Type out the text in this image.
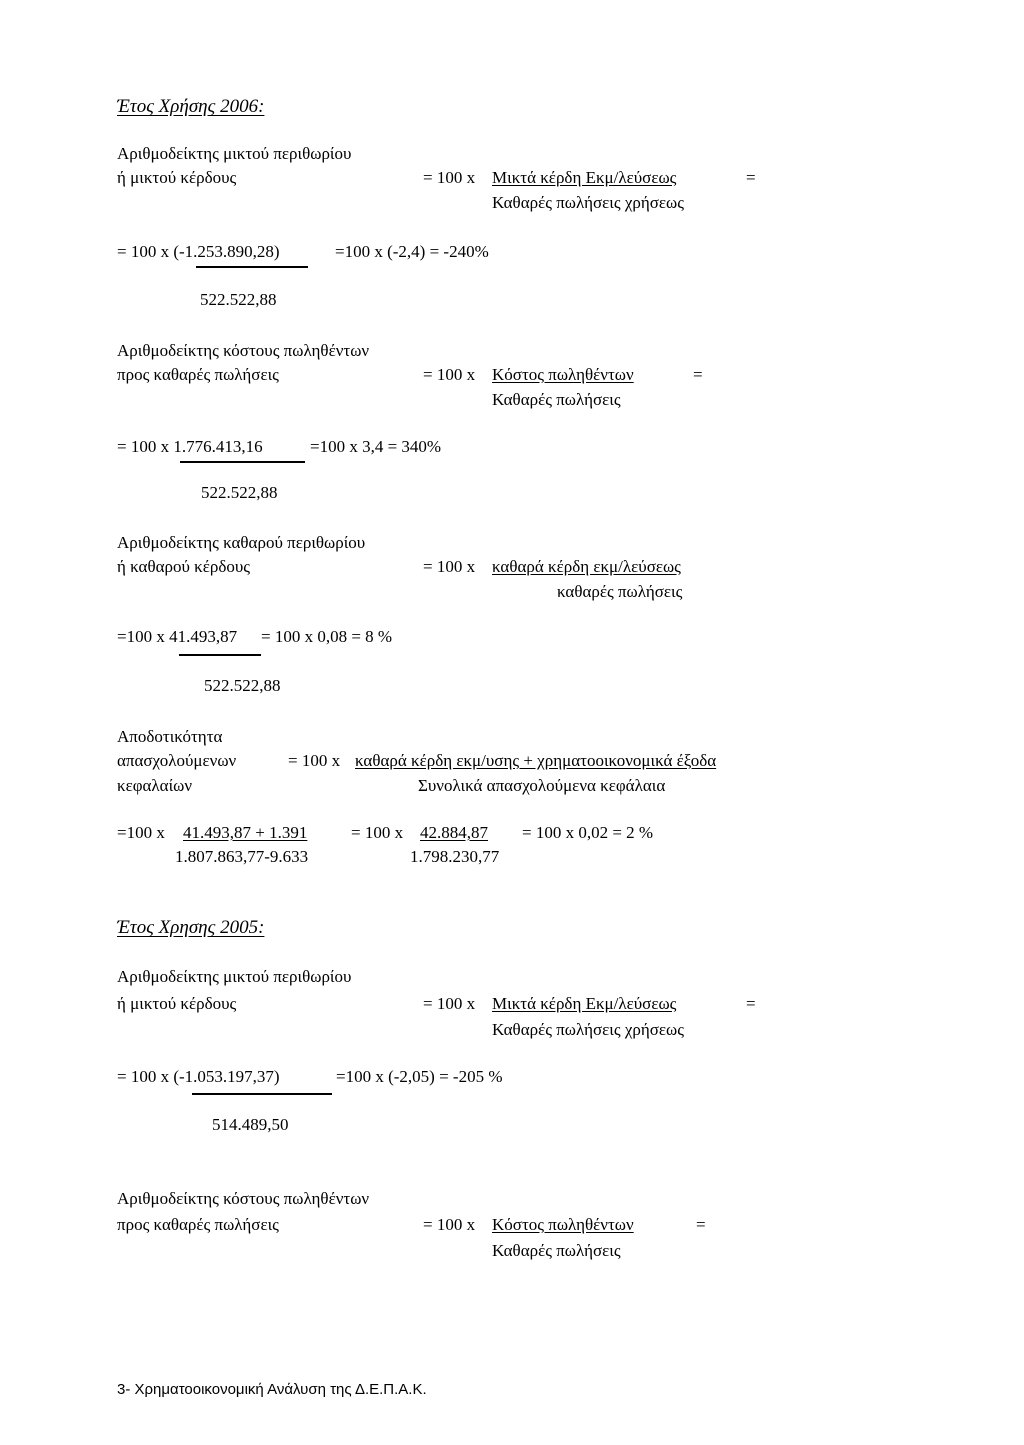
Έτος Χρήσης 2006:
Αριθμοδείκτης μικτού περιθωρίου
ή μικτού κέρδους	= 100 x Μικτά κέρδη Εκμ/λεύσεως	=
Καθαρές πωλήσεις χρήσεως
= 100 x (-1.253.890,28)	=100 x (-2,4) = -240%
522.522,88
Αριθμοδείκτης κόστους πωληθέντων
προς καθαρές πωλήσεις	= 100 x Κόστος πωληθέντων	=
Καθαρές πωλήσεις
= 100 x 1.776.413,16	=100 x 3,4 = 340%
522.522,88
Αριθμοδείκτης καθαρού περιθωρίου
ή καθαρού κέρδους	= 100 x καθαρά κέρδη εκμ/λεύσεως
καθαρές πωλήσεις
=100 x 41.493,87 = 100 x 0,08 = 8 %
522.522,88
Αποδοτικότητα
απασχολούμενων	= 100 x καθαρά κέρδη εκμ/υσης + χρηματοοικονομικά έξοδα
κεφαλαίων	Συνολικά απασχολούμενα κεφάλαια
=100 x 41.493,87 + 1.391
1.807.863,77-9.633
= 100 x 42.884,87
1.798.230,77
= 100 x 0,02 = 2 %
Έτος Χρησης 2005:
Αριθμοδείκτης μικτού περιθωρίου
ή μικτού κέρδους	= 100 x Μικτά κέρδη Εκμ/λεύσεως	=
Καθαρές πωλήσεις χρήσεως
= 100 x (-1.053.197,37)	=100 x (-2,05) = -205 %
514.489,50
Αριθμοδείκτης κόστους πωληθέντων
προς καθαρές πωλήσεις	= 100 x Κόστος πωληθέντων	=
Καθαρές πωλήσεις
3- Χρηματοοικονομική Ανάλυση της Δ.Ε.Π.Α.Κ.
